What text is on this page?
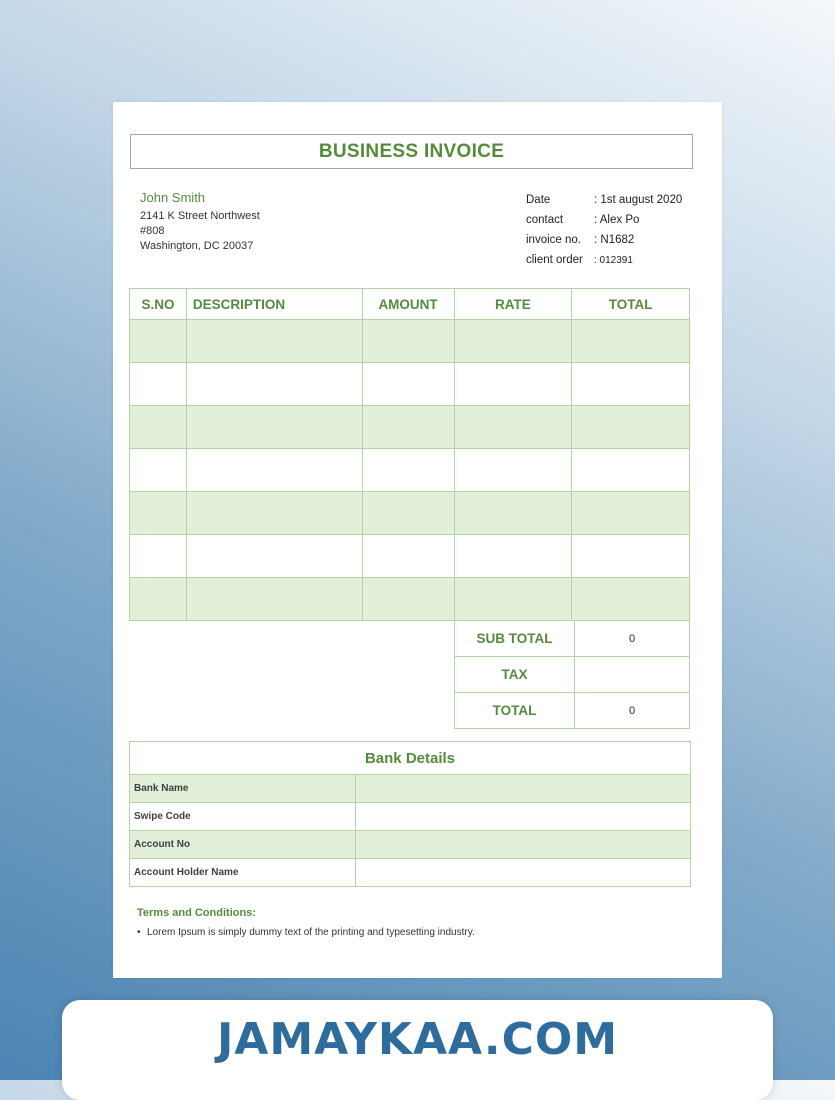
BUSINESS INVOICE
John Smith
2141 K Street Northwest
#808
Washington, DC 20037
Date	: 1st august 2020
contact	: Alex Po
invoice no.	: N1682
client order	: 012391
S.NO	DESCRIPTION	AMOUNT	RATE	TOTAL

SUB TOTAL	0
TAX	
TOTAL	0
Bank Details	
Bank Name	
Swipe Code	
Account No	
Account Holder Name	
Terms and Conditions:
• Lorem Ipsum is simply dummy text of the printing and typesetting industry.
JAMAYKAA.COM
